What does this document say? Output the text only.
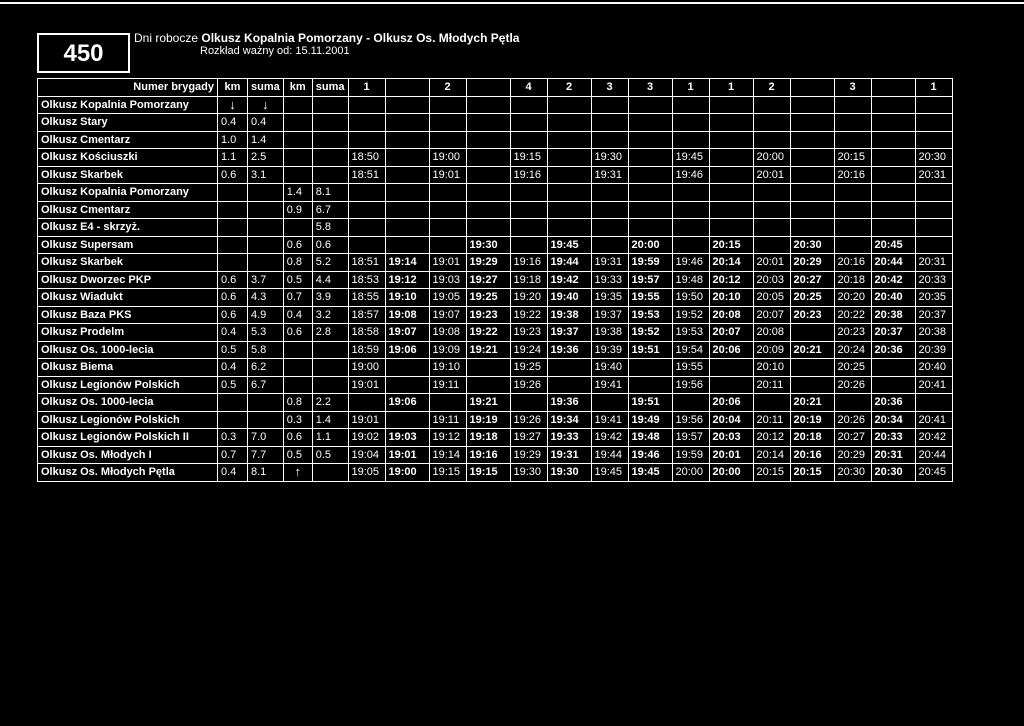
450
Dni robocze Olkusz Kopalnia Pomorzany - Olkusz Os. Młodych Pętla
Rozkład ważny od: 15.11.2001
Numer brygady	km	suma	km	suma	1		2		4	2	3	3	1	1	2		3		1
Olkusz Kopalnia Pomorzany	↓	↓																	
Olkusz Stary	0.4	0.4																	
Olkusz Cmentarz	1.0	1.4																	
Olkusz Kościuszki	1.1	2.5			18:50		19:00		19:15		19:30		19:45		20:00		20:15		20:30
Olkusz Skarbek	0.6	3.1			18:51		19:01		19:16		19:31		19:46		20:01		20:16		20:31
Olkusz Kopalnia Pomorzany			1.4	8.1															
Olkusz Cmentarz			0.9	6.7															
Olkusz E4 - skrzyż.				5.8															
Olkusz Supersam			0.6	0.6				19:30		19:45		20:00		20:15		20:30		20:45	
Olkusz Skarbek			0.8	5.2	18:51	19:14	19:01	19:29	19:16	19:44	19:31	19:59	19:46	20:14	20:01	20:29	20:16	20:44	20:31
Olkusz Dworzec PKP	0.6	3.7	0.5	4.4	18:53	19:12	19:03	19:27	19:18	19:42	19:33	19:57	19:48	20:12	20:03	20:27	20:18	20:42	20:33
Olkusz Wiadukt	0.6	4.3	0.7	3.9	18:55	19:10	19:05	19:25	19:20	19:40	19:35	19:55	19:50	20:10	20:05	20:25	20:20	20:40	20:35
Olkusz Baza PKS	0.6	4.9	0.4	3.2	18:57	19:08	19:07	19:23	19:22	19:38	19:37	19:53	19:52	20:08	20:07	20:23	20:22	20:38	20:37
Olkusz Prodelm	0.4	5.3	0.6	2.8	18:58	19:07	19:08	19:22	19:23	19:37	19:38	19:52	19:53	20:07	20:08		20:23	20:37	20:38
Olkusz Os. 1000-lecia	0.5	5.8			18:59	19:06	19:09	19:21	19:24	19:36	19:39	19:51	19:54	20:06	20:09	20:21	20:24	20:36	20:39
Olkusz Biema	0.4	6.2			19:00		19:10		19:25		19:40		19:55		20:10		20:25		20:40
Olkusz Legionów Polskich	0.5	6.7			19:01		19:11		19:26		19:41		19:56		20:11		20:26		20:41
Olkusz Os. 1000-lecia			0.8	2.2		19:06		19:21		19:36		19:51		20:06		20:21		20:36	
Olkusz Legionów Polskich			0.3	1.4	19:01		19:11	19:19	19:26	19:34	19:41	19:49	19:56	20:04	20:11	20:19	20:26	20:34	20:41
Olkusz Legionów Polskich II	0.3	7.0	0.6	1.1	19:02	19:03	19:12	19:18	19:27	19:33	19:42	19:48	19:57	20:03	20:12	20:18	20:27	20:33	20:42
Olkusz Os. Młodych I	0.7	7.7	0.5	0.5	19:04	19:01	19:14	19:16	19:29	19:31	19:44	19:46	19:59	20:01	20:14	20:16	20:29	20:31	20:44
Olkusz Os. Młodych Pętla	0.4	8.1	↑		19:05	19:00	19:15	19:15	19:30	19:30	19:45	19:45	20:00	20:00	20:15	20:15	20:30	20:30	20:45
